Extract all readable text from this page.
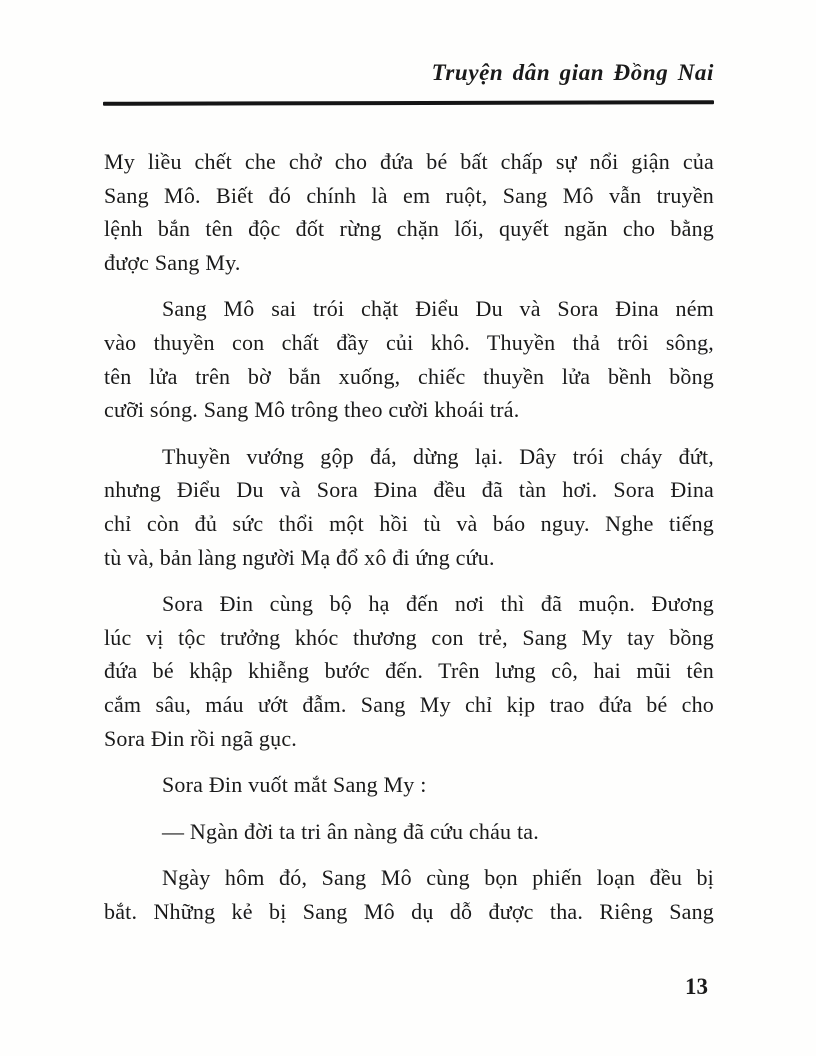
Truyện dân gian Đồng Nai
My liều chết che chở cho đứa bé bất chấp sự nổi giận của
Sang Mô. Biết đó chính là em ruột, Sang Mô vẫn truyền
lệnh bắn tên độc đốt rừng chặn lối, quyết ngăn cho bằng
được Sang My.
Sang Mô sai trói chặt Điểu Du và Sora Đina ném
vào thuyền con chất đầy củi khô. Thuyền thả trôi sông,
tên lửa trên bờ bắn xuống, chiếc thuyền lửa bềnh bồng
cưỡi sóng. Sang Mô trông theo cười khoái trá.
Thuyền vướng gộp đá, dừng lại. Dây trói cháy đứt,
nhưng Điểu Du và Sora Đina đều đã tàn hơi. Sora Đina
chỉ còn đủ sức thổi một hồi tù và báo nguy. Nghe tiếng
tù và, bản làng người Mạ đổ xô đi ứng cứu.
Sora Đin cùng bộ hạ đến nơi thì đã muộn. Đương
lúc vị tộc trưởng khóc thương con trẻ, Sang My tay bồng
đứa bé khập khiễng bước đến. Trên lưng cô, hai mũi tên
cắm sâu, máu ướt đẫm. Sang My chỉ kịp trao đứa bé cho
Sora Đin rồi ngã gục.
Sora Đin vuốt mắt Sang My :
— Ngàn đời ta tri ân nàng đã cứu cháu ta.
Ngày hôm đó, Sang Mô cùng bọn phiến loạn đều bị
bắt. Những kẻ bị Sang Mô dụ dỗ được tha. Riêng Sang
13
